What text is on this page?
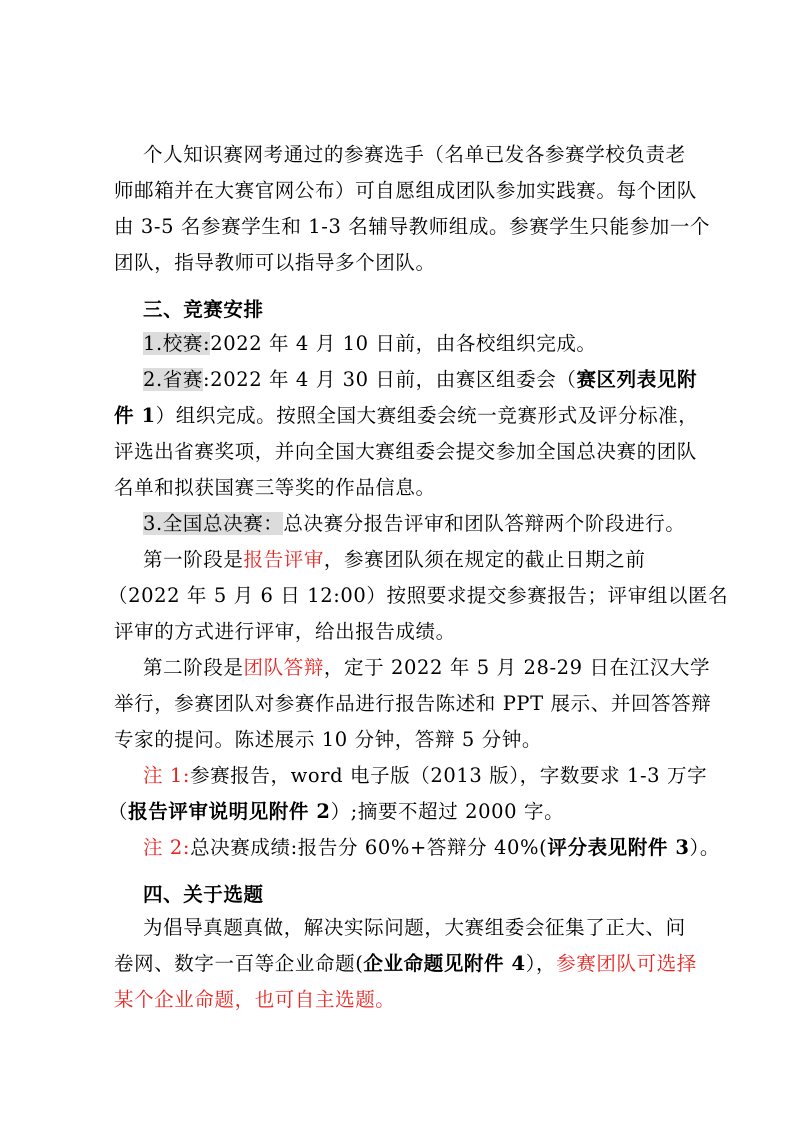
个人知识赛网考通过的参赛选手（名单已发各参赛学校负责老
师邮箱并在大赛官网公布）可自愿组成团队参加实践赛。每个团队
由 3-5 名参赛学生和 1-3 名辅导教师组成。参赛学生只能参加一个
团队，指导教师可以指导多个团队。
三、竞赛安排
1.校赛:2022 年 4 月 10 日前，由各校组织完成。
2.省赛:2022 年 4 月 30 日前，由赛区组委会（赛区列表见附
件 1）组织完成。按照全国大赛组委会统一竞赛形式及评分标准，
评选出省赛奖项，并向全国大赛组委会提交参加全国总决赛的团队
名单和拟获国赛三等奖的作品信息。
3.全国总决赛：总决赛分报告评审和团队答辩两个阶段进行。
第一阶段是报告评审，参赛团队须在规定的截止日期之前
（2022 年 5 月 6 日 12:00）按照要求提交参赛报告；评审组以匿名
评审的方式进行评审，给出报告成绩。
第二阶段是团队答辩，定于 2022 年 5 月 28-29 日在江汉大学
举行，参赛团队对参赛作品进行报告陈述和 PPT 展示、并回答答辩
专家的提问。陈述展示 10 分钟，答辩 5 分钟。
注 1:参赛报告，word 电子版（2013 版），字数要求 1-3 万字
（报告评审说明见附件 2）;摘要不超过 2000 字。
注 2:总决赛成绩:报告分 60%+答辩分 40%(评分表见附件 3）。
四、关于选题
为倡导真题真做，解决实际问题，大赛组委会征集了正大、问
卷网、数字一百等企业命题(企业命题见附件 4），参赛团队可选择
某个企业命题，也可自主选题。
